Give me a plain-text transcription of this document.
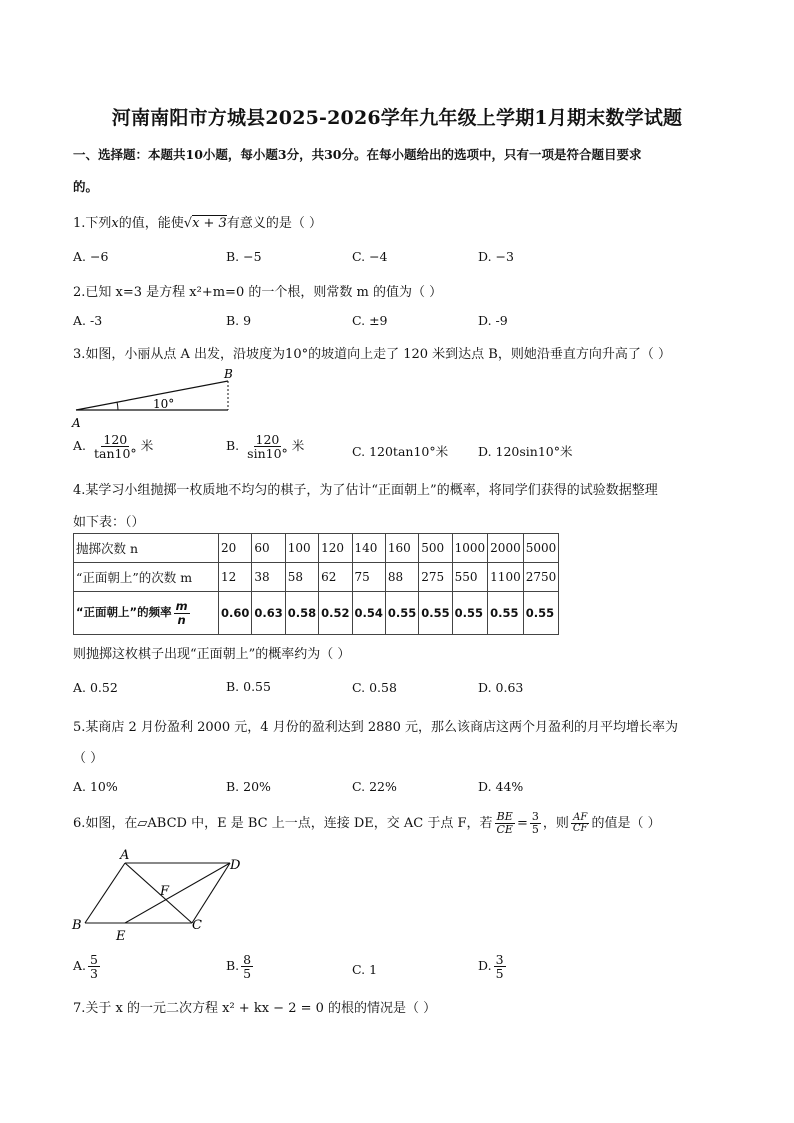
河南南阳市方城县2025-2026学年九年级上学期1月期末数学试题
一、选择题：本题共10小题，每小题3分，共30分。在每小题给出的选项中，只有一项是符合题目要求
的。
1.下列x的值，能使√x + 3有意义的是（ ）
A. −6	B. −5	C. −4	D. −3
2.已知 x=3 是方程 x²+m=0 的一个根，则常数 m 的值为（ ）
A. -3	B. 9	C. ±9	D. -9
3.如图，小丽从点 A 出发，沿坡度为10°的坡道向上走了 120 米到达点 B，则她沿垂直方向升高了（ ）
A
B
10°
A. $\frac{120}{\tan 10^\circ}$ 米	B. $\frac{120}{\sin 10^\circ}$ 米	C. 120tan10°米 D. 120sin10°米
4.某学习小组抛掷一枚质地不均匀的棋子，为了估计“正面朝上”的概率，将同学们获得的试验数据整理
如下表：（）
抛掷次数 n	20	60	100	120	140	160	500	1000	2000	5000
“正面朝上”的次数 m	12	38	58	62	75	88	275	550	1100	2750
“正面朝上”的频率 $\frac{m}{n}$	0.60	0.63	0.58	0.52	0.54	0.55	0.55	0.55	0.55	0.55
则抛掷这枚棋子出现“正面朝上”的概率约为（ ）
A. 0.52	B. 0.55	C. 0.58	D. 0.63
5.某商店 2 月份盈利 2000 元，4 月份的盈利达到 2880 元，那么该商店这两个月盈利的月平均增长率为
（ ）
A. 10%	B. 20%	C. 22%	D. 44%
6.如图，在▱ABCD 中，E 是 BC 上一点，连接 DE，交 AC 于点 F，若 $\frac{BE}{CE} = \frac{3}{5}$ ，则 $\frac{AF}{CF}$ 的值是（ ）
A
B	C
D
E
F
A. $\frac{5}{3}$	B. $\frac{8}{5}$	C. 1	D. $\frac{3}{5}$
7.关于 x 的一元二次方程 x² + kx − 2 = 0 的根的情况是（ ）
